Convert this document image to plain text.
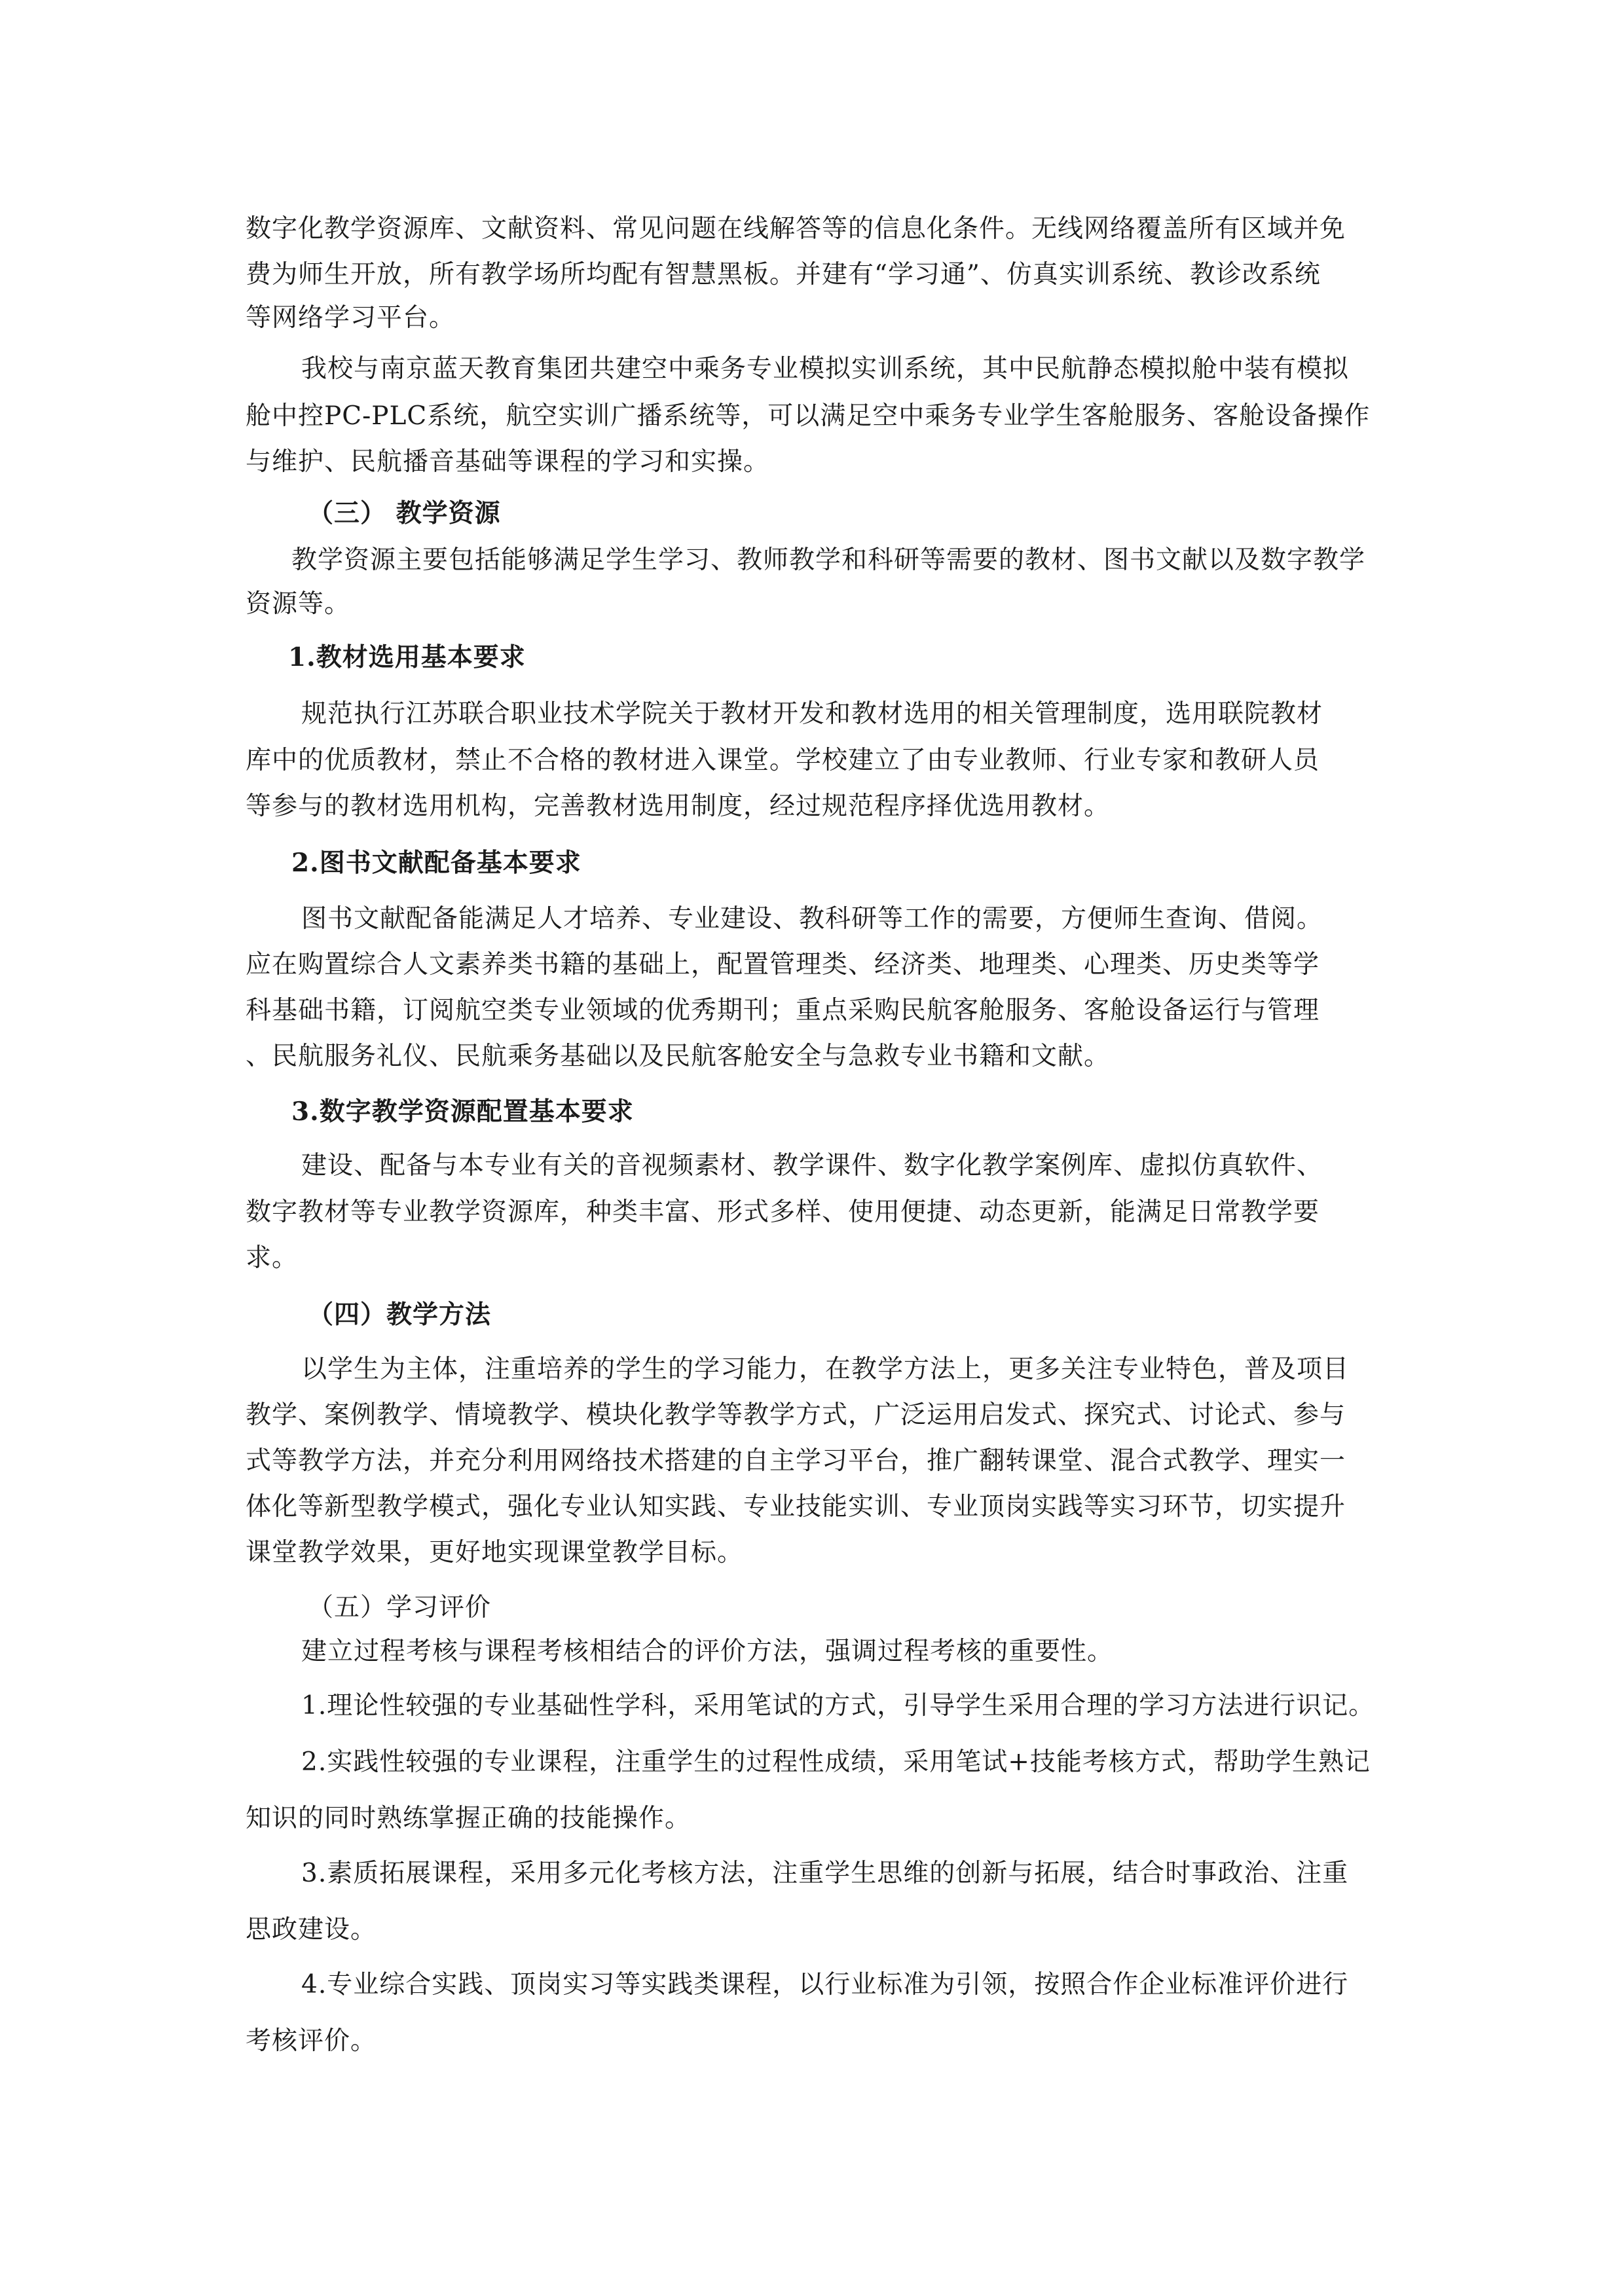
数字化教学资源库、文献资料、常见问题在线解答等的信息化条件。无线网络覆盖所有区域并免

费为师生开放，所有教学场所均配有智慧黑板。并建有“学习通”、仿真实训系统、教诊改系统

等网络学习平台。

我校与南京蓝天教育集团共建空中乘务专业模拟实训系统，其中民航静态模拟舱中装有模拟

舱中控PC-PLC系统，航空实训广播系统等，可以满足空中乘务专业学生客舱服务、客舱设备操作

与维护、民航播音基础等课程的学习和实操。

（三） 教学资源

教学资源主要包括能够满足学生学习、教师教学和科研等需要的教材、图书文献以及数字教学

资源等。

1.教材选用基本要求

规范执行江苏联合职业技术学院关于教材开发和教材选用的相关管理制度，选用联院教材

库中的优质教材，禁止不合格的教材进入课堂。学校建立了由专业教师、行业专家和教研人员

等参与的教材选用机构，完善教材选用制度，经过规范程序择优选用教材。

2.图书文献配备基本要求

图书文献配备能满足人才培养、专业建设、教科研等工作的需要，方便师生查询、借阅。

应在购置综合人文素养类书籍的基础上，配置管理类、经济类、地理类、心理类、历史类等学

科基础书籍，订阅航空类专业领域的优秀期刊；重点采购民航客舱服务、客舱设备运行与管理

、民航服务礼仪、民航乘务基础以及民航客舱安全与急救专业书籍和文献。

3.数字教学资源配置基本要求

建设、配备与本专业有关的音视频素材、教学课件、数字化教学案例库、虚拟仿真软件、

数字教材等专业教学资源库，种类丰富、形式多样、使用便捷、动态更新，能满足日常教学要

求。

（四）教学方法

以学生为主体，注重培养的学生的学习能力，在教学方法上，更多关注专业特色，普及项目

教学、案例教学、情境教学、模块化教学等教学方式，广泛运用启发式、探究式、讨论式、参与

式等教学方法，并充分利用网络技术搭建的自主学习平台，推广翻转课堂、混合式教学、理实一

体化等新型教学模式，强化专业认知实践、专业技能实训、专业顶岗实践等实习环节，切实提升

课堂教学效果，更好地实现课堂教学目标。

（五）学习评价

建立过程考核与课程考核相结合的评价方法，强调过程考核的重要性。

1.理论性较强的专业基础性学科，采用笔试的方式，引导学生采用合理的学习方法进行识记。

2.实践性较强的专业课程，注重学生的过程性成绩，采用笔试+技能考核方式，帮助学生熟记

知识的同时熟练掌握正确的技能操作。

3.素质拓展课程，采用多元化考核方法，注重学生思维的创新与拓展，结合时事政治、注重

思政建设。

4.专业综合实践、顶岗实习等实践类课程，以行业标准为引领，按照合作企业标准评价进行

考核评价。
